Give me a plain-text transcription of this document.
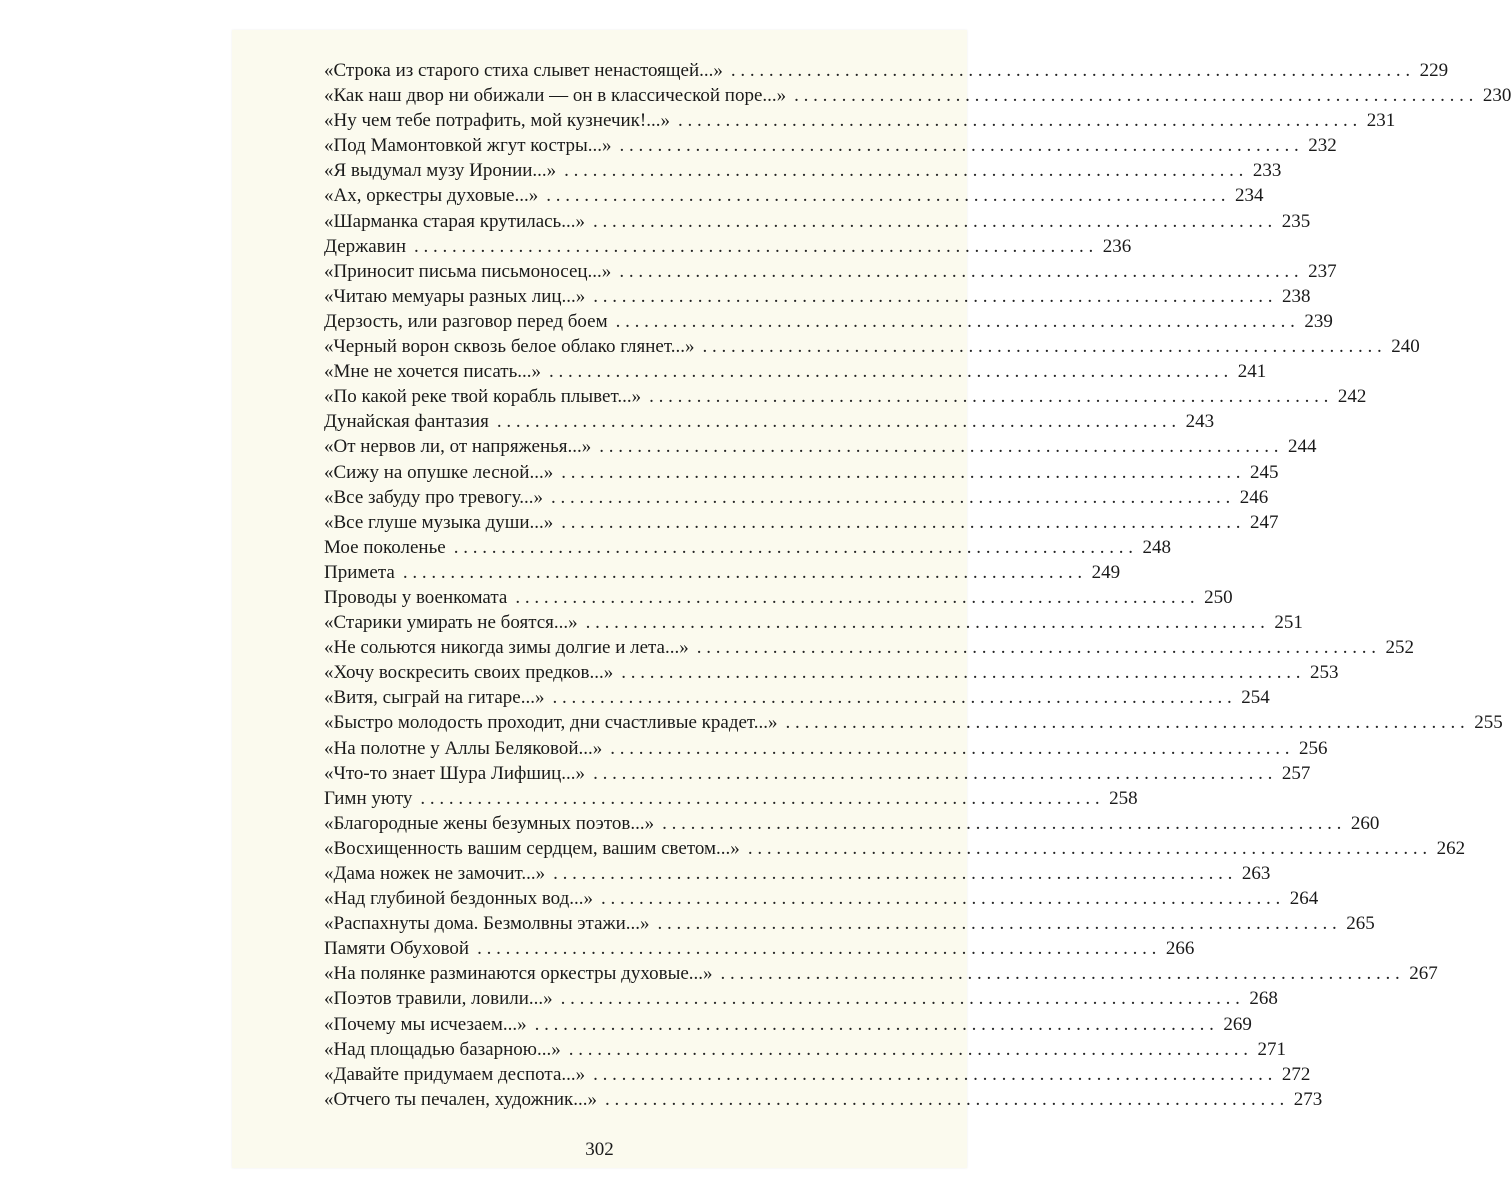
«Строка из старого стиха слывет ненастоящей...» . . .	229
«Как наш двор ни обижали — он в классической поре...» . . .	230
«Ну чем тебе потрафить, мой кузнечик!...» . . .	231
«Под Мамонтовкой жгут костры...» . . .	232
«Я выдумал музу Иронии...» . . .	233
«Ах, оркестры духовые...» . . .	234
«Шарманка старая крутилась...» . . .	235
Державин . . .	236
«Приносит письма письмоносец...» . . .	237
«Читаю мемуары разных лиц...» . . .	238
Дерзость, или разговор перед боем . . .	239
«Черный ворон сквозь белое облако глянет...» . . .	240
«Мне не хочется писать...» . . .	241
«По какой реке твой корабль плывет...» . . .	242
Дунайская фантазия . . .	243
«От нервов ли, от напряженья...» . . .	244
«Сижу на опушке лесной...» . . .	245
«Все забуду про тревогу...» . . .	246
«Все глуше музыка души...» . . .	247
Мое поколенье . . .	248
Примета . . .	249
Проводы у военкомата . . .	250
«Старики умирать не боятся...» . . .	251
«Не сольются никогда зимы долгие и лета...» . . .	252
«Хочу воскресить своих предков...» . . .	253
«Витя, сыграй на гитаре...» . . .	254
«Быстро молодость проходит, дни счастливые крадет...» . . .	255
«На полотне у Аллы Беляковой...» . . .	256
«Что-то знает Шура Лифшиц...» . . .	257
Гимн уюту . . .	258
«Благородные жены безумных поэтов...» . . .	260
«Восхищенность вашим сердцем, вашим светом...» . . .	262
«Дама ножек не замочит...» . . .	263
«Над глубиной бездонных вод...» . . .	264
«Распахнуты дома. Безмолвны этажи...» . . .	265
Памяти Обуховой . . .	266
«На полянке разминаются оркестры духовые...» . . .	267
«Поэтов травили, ловили...» . . .	268
«Почему мы исчезаем...» . . .	269
«Над площадью базарною...» . . .	271
«Давайте придумаем деспота...» . . .	272
«Отчего ты печален, художник...» . . .	273
302
